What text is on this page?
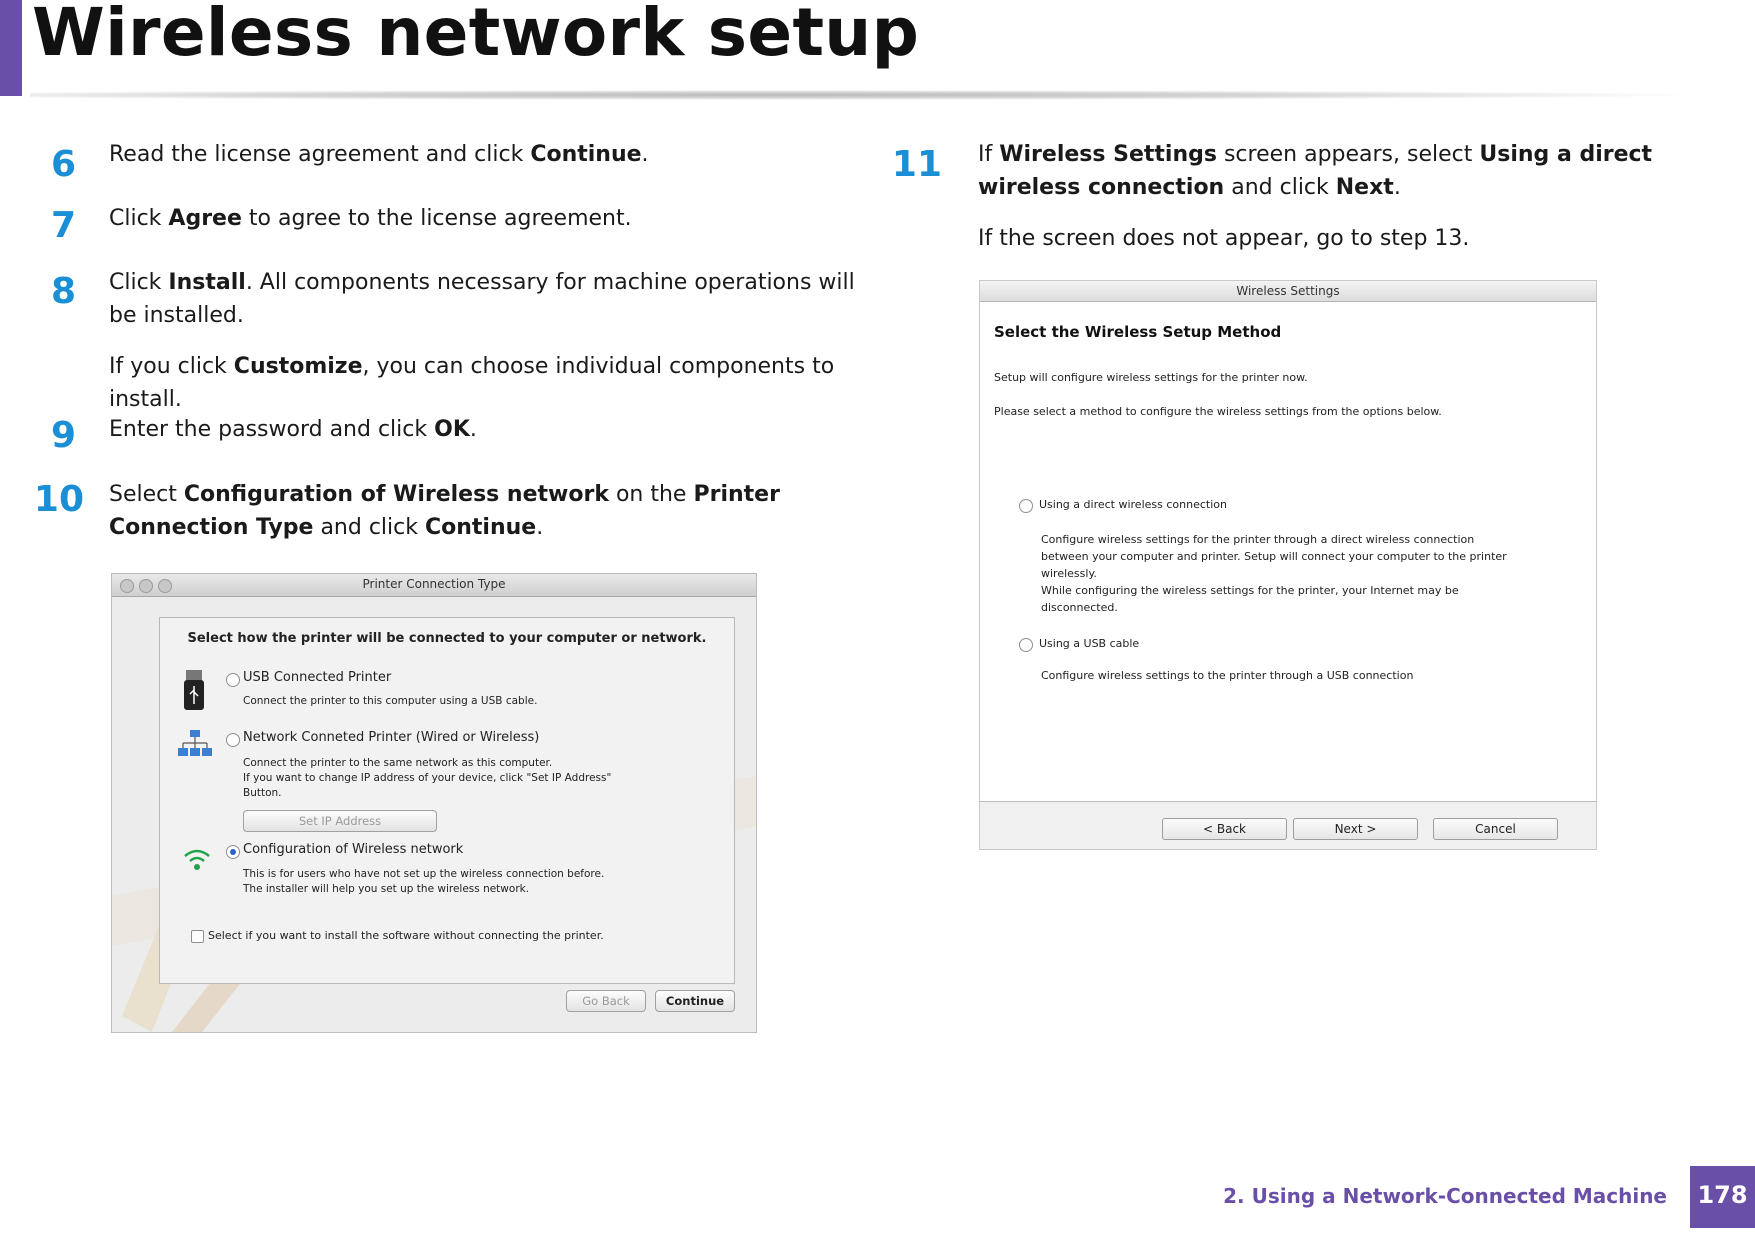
Wireless network setup
6 Read the license agreement and click Continue.
7 Click Agree to agree to the license agreement.
8 Click Install. All components necessary for machine operations will be installed.
If you click Customize, you can choose individual components to install.
9 Enter the password and click OK.
10 Select Configuration of Wireless network on the Printer Connection Type and click Continue.
Printer Connection Type
Select how the printer will be connected to your computer or network.
USB Connected Printer
Connect the printer to this computer using a USB cable.
Network Conneted Printer (Wired or Wireless)
Connect the printer to the same network as this computer.
If you want to change IP address of your device, click "Set IP Address"
Button.
Set IP Address
Configuration of Wireless network
This is for users who have not set up the wireless connection before.
The installer will help you set up the wireless network.
Select if you want to install the software without connecting the printer.
Go Back	Continue
11 If Wireless Settings screen appears, select Using a direct wireless connection and click Next.
If the screen does not appear, go to step 13.
Wireless Settings
Select the Wireless Setup Method
Setup will configure wireless settings for the printer now.
Please select a method to configure the wireless settings from the options below.
Using a direct wireless connection
Configure wireless settings for the printer through a direct wireless connection
between your computer and printer. Setup will connect your computer to the printer
wirelessly.
While configuring the wireless settings for the printer, your Internet may be
disconnected.
Using a USB cable
Configure wireless settings to the printer through a USB connection
< Back	Next >	Cancel
2. Using a Network-Connected Machine	178
